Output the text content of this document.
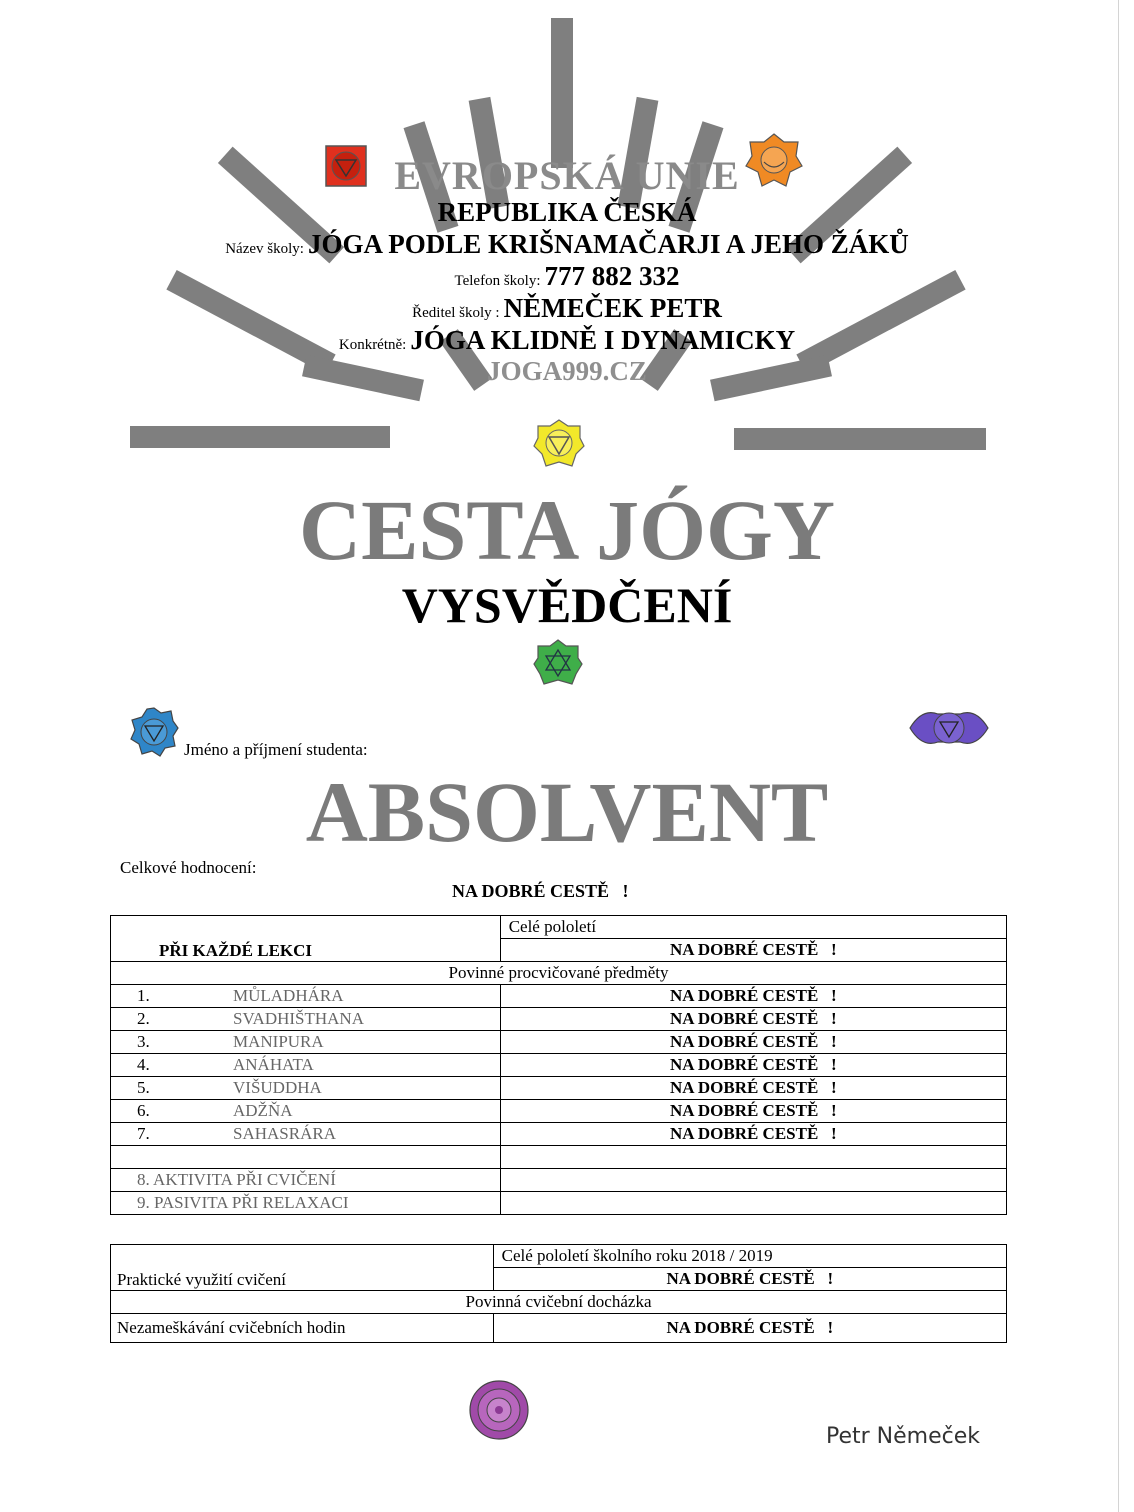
EVROPSKÁ UNIE
REPUBLIKA ČESKÁ
Název školy: JÓGA PODLE KRIŠNAMAČARJI A JEHO ŽÁKŮ
Telefon školy: 777 882 332
Ředitel školy : NĚMEČEK PETR
Konkrétně: JÓGA KLIDNĚ I DYNAMICKY
JOGA999.CZ
CESTA JÓGY
VYSVĚDČENÍ
Jméno a příjmení studenta:
ABSOLVENT
Celkové hodnocení:
NA DOBRÉ CESTĚ   !
PŘI KAŽDÉ LEKCI	Celé pololetí
	NA DOBRÉ CESTĚ   !
Povinné procvičované předměty	
1. MŮLADHÁRA	NA DOBRÉ CESTĚ   !
2. SVADHIŠTHANA	NA DOBRÉ CESTĚ   !
3. MANIPURA	NA DOBRÉ CESTĚ   !
4. ANÁHATA	NA DOBRÉ CESTĚ   !
5. VIŠUDDHA	NA DOBRÉ CESTĚ   !
6. ADŽŇA	NA DOBRÉ CESTĚ   !
7. SAHASRÁRA	NA DOBRÉ CESTĚ   !

8. AKTIVITA PŘI CVIČENÍ	
9. PASIVITA PŘI RELAXACI	
Praktické využití cvičení	Celé pololetí školního roku 2018 / 2019
	NA DOBRÉ CESTĚ   !
Povinná cvičební docházka	
Nezameškávání cvičebních hodin	NA DOBRÉ CESTĚ   !
Petr Němeček
